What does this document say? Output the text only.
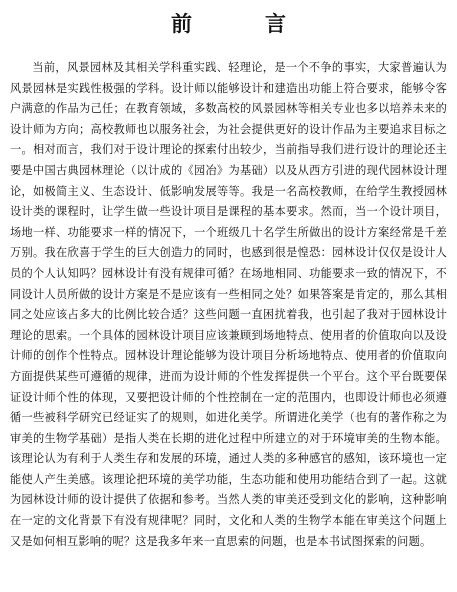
前　言

当前，风景园林及其相关学科重实践、轻理论，是一个不争的事实，大家普遍认为风景园林是实践性极强的学科。设计师以能够设计和建造出功能上符合要求，能够令客户满意的作品为己任；在教育领域，多数高校的风景园林等相关专业也多以培养未来的设计师为方向；高校教师也以服务社会，为社会提供更好的设计作品为主要追求目标之一。相对而言，我们对于设计理论的探索付出较少，当前指导我们进行设计的理论还主要是中国古典园林理论（以计成的《园冶》为基础）以及从西方引进的现代园林设计理论，如极简主义、生态设计、低影响发展等等。我是一名高校教师，在给学生教授园林设计类的课程时，让学生做一些设计项目是课程的基本要求。然而，当一个设计项目，场地一样、功能要求一样的情况下，一个班级几十名学生所做出的设计方案经常是千差万别。我在欣喜于学生的巨大创造力的同时，也感到很是惶恐：园林设计仅仅是设计人员的个人认知吗？园林设计有没有规律可循？在场地相同、功能要求一致的情况下，不同设计人员所做的设计方案是不是应该有一些相同之处？如果答案是肯定的，那么其相同之处应该占多大的比例比较合适？这些问题一直困扰着我，也引起了我对于园林设计理论的思索。一个具体的园林设计项目应该兼顾到场地特点、使用者的价值取向以及设计师的创作个性特点。园林设计理论能够为设计项目分析场地特点、使用者的价值取向方面提供某些可遵循的规律，进而为设计师的个性发挥提供一个平台。这个平台既要保证设计师个性的体现，又要把设计师的个性控制在一定的范围内，也即设计师也必须遵循一些被科学研究已经证实了的规则，如进化美学。所谓进化美学（也有的著作称之为审美的生物学基础）是指人类在长期的进化过程中所建立的对于环境审美的生物本能。该理论认为有利于人类生存和发展的环境，通过人类的多种感官的感知，该环境也一定能使人产生美感。该理论把环境的美学功能，生态功能和使用功能结合到了一起。这就为园林设计师的设计提供了依据和参考。当然人类的审美还受到文化的影响，这种影响在一定的文化背景下有没有规律呢？同时，文化和人类的生物学本能在审美这个问题上又是如何相互影响的呢？这是我多年来一直思索的问题，也是本书试图探索的问题。
